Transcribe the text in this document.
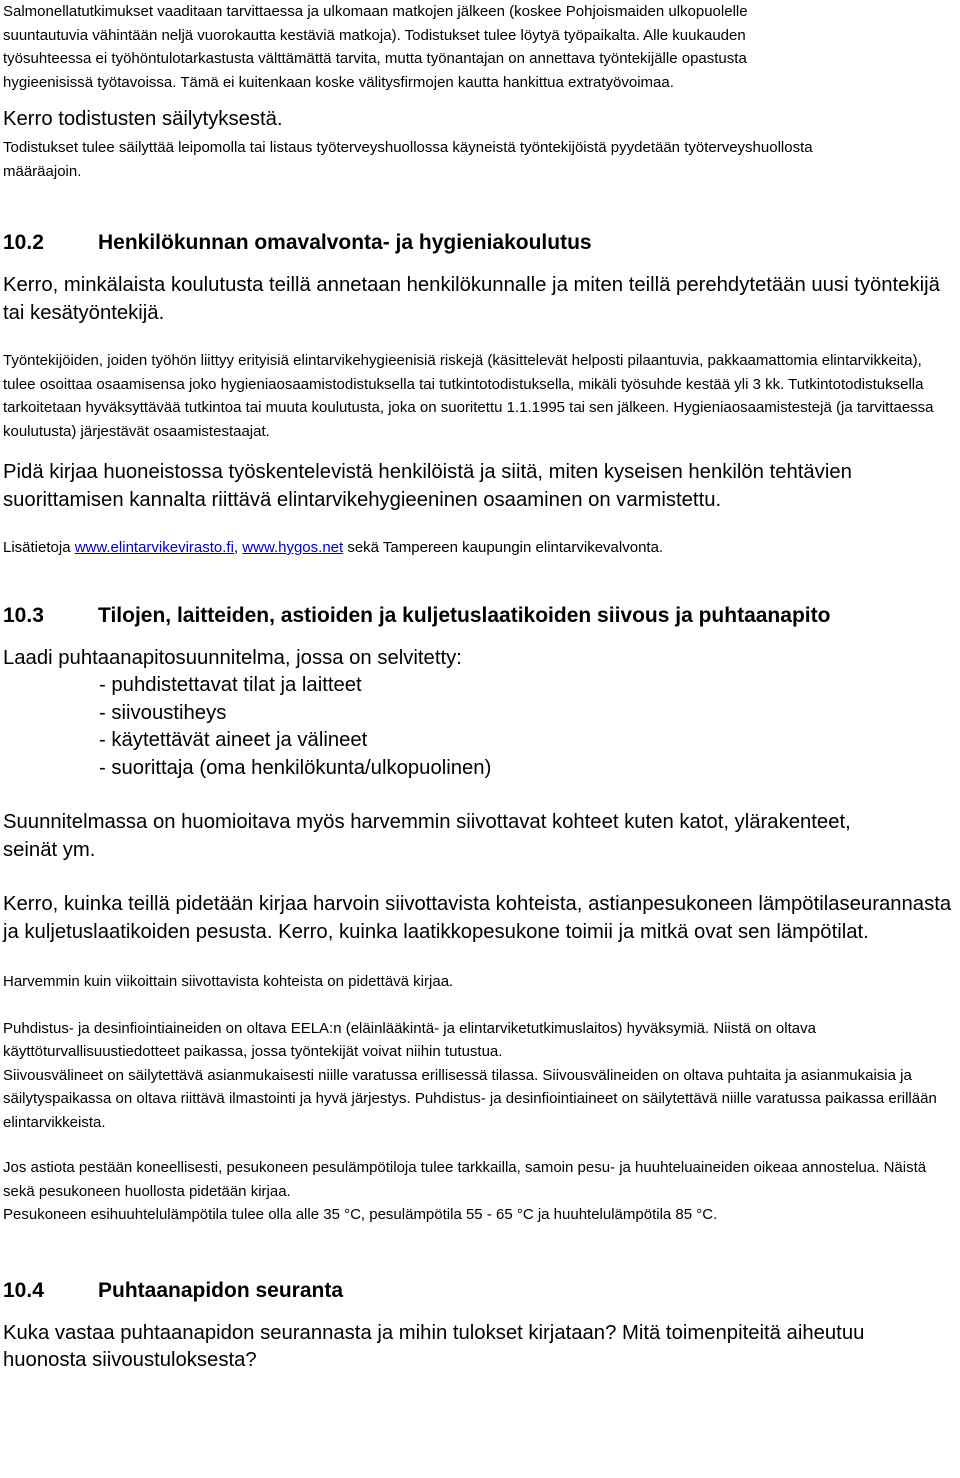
Salmonellatutkimukset vaaditaan tarvittaessa ja ulkomaan matkojen jälkeen (koskee Pohjoismaiden ulkopuolelle
suuntautuvia vähintään neljä vuorokautta kestäviä matkoja). Todistukset tulee löytyä työpaikalta. Alle kuukauden
työsuhteessa ei työhöntulotarkastusta välttämättä tarvita, mutta työnantajan on annettava työntekijälle opastusta
hygieenisissä työtavoissa. Tämä ei kuitenkaan koske välitysfirmojen kautta hankittua extratyövoimaa.

Kerro todistusten säilytyksestä.

Todistukset tulee säilyttää leipomolla tai listaus työterveyshuollossa käyneistä työntekijöistä pyydetään työterveyshuollosta määräajoin.

10.2	Henkilökunnan omavalvonta- ja hygieniakoulutus

Kerro, minkälaista koulutusta teillä annetaan henkilökunnalle ja miten teillä perehdytetään uusi työntekijä tai kesätyöntekijä.

Työntekijöiden, joiden työhön liittyy erityisiä elintarvikehygieenisiä riskejä (käsittelevät helposti pilaantuvia, pakkaamattomia elintarvikkeita), tulee osoittaa osaamisensa joko hygieniaosaamistodistuksella tai tutkintotodistuksella, mikäli työsuhde kestää yli 3 kk. Tutkintotodistuksella tarkoitetaan hyväksyttävää tutkintoa tai muuta koulutusta, joka on suoritettu 1.1.1995 tai sen jälkeen. Hygieniaosaamistestejä (ja tarvittaessa koulutusta) järjestävät osaamistestaajat.

Pidä kirjaa huoneistossa työskentelevistä henkilöistä ja siitä, miten kyseisen henkilön tehtävien suorittamisen kannalta riittävä elintarvikehygieeninen osaaminen on varmistettu.

Lisätietoja www.elintarvikevirasto.fi, www.hygos.net sekä Tampereen kaupungin elintarvikevalvonta.

10.3	Tilojen, laitteiden, astioiden ja kuljetuslaatikoiden siivous ja puhtaanapito

Laadi puhtaanapitosuunnitelma, jossa on selvitetty:

- puhdistettavat tilat ja laitteet
- siivoustiheys
- käytettävät aineet ja välineet
- suorittaja (oma henkilökunta/ulkopuolinen)

Suunnitelmassa on huomioitava myös harvemmin siivottavat kohteet kuten katot, ylärakenteet, seinät ym.

Kerro, kuinka teillä pidetään kirjaa harvoin siivottavista kohteista, astianpesukoneen lämpötilaseurannasta ja kuljetuslaatikoiden pesusta. Kerro, kuinka laatikkopesukone toimii ja mitkä ovat sen lämpötilat.

Harvemmin kuin viikoittain siivottavista kohteista on pidettävä kirjaa.

Puhdistus- ja desinfiointiaineiden on oltava EELA:n (eläinlääkintä- ja elintarviketutkimuslaitos) hyväksymiä. Niistä on oltava käyttöturvallisuustiedotteet paikassa, jossa työntekijät voivat niihin tutustua.

Siivousvälineet on säilytettävä asianmukaisesti niille varatussa erillisessä tilassa. Siivousvälineiden on oltava puhtaita ja asianmukaisia ja säilytyspaikassa on oltava riittävä ilmastointi ja hyvä järjestys. Puhdistus- ja desinfiointiaineet on säilytettävä niille varatussa paikassa erillään elintarvikkeista.

Jos astiota pestään koneellisesti, pesukoneen pesulämpötiloja tulee tarkkailla, samoin pesu- ja huuhteluaineiden oikeaa annostelua. Näistä sekä pesukoneen huollosta pidetään kirjaa.

Pesukoneen esihuuhtelulämpötila tulee olla alle 35 °C, pesulämpötila 55 - 65 °C ja huuhtelulämpötila 85 °C.

10.4	Puhtaanapidon seuranta

Kuka vastaa puhtaanapidon seurannasta ja mihin tulokset kirjataan? Mitä toimenpiteitä aiheutuu huonosta siivoustuloksesta?
